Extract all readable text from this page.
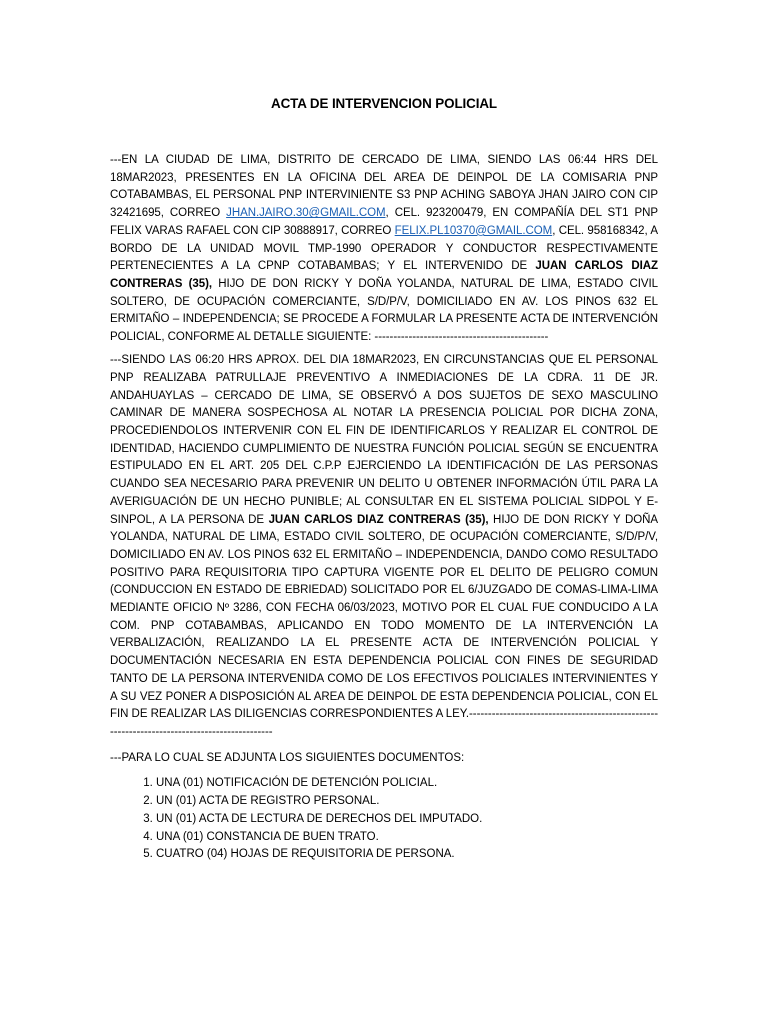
ACTA DE INTERVENCION POLICIAL

---EN LA CIUDAD DE LIMA, DISTRITO DE CERCADO DE LIMA, SIENDO LAS 06:44 HRS DEL 18MAR2023, PRESENTES EN LA OFICINA DEL AREA DE DEINPOL DE LA COMISARIA PNP COTABAMBAS, EL PERSONAL PNP INTERVINIENTE S3 PNP ACHING SABOYA JHAN JAIRO CON CIP 32421695, CORREO JHAN.JAIRO.30@GMAIL.COM, CEL. 923200479, EN COMPAÑÍA DEL ST1 PNP FELIX VARAS RAFAEL CON CIP 30888917, CORREO FELIX.PL10370@GMAIL.COM, CEL. 958168342, A BORDO DE LA UNIDAD MOVIL TMP-1990 OPERADOR Y CONDUCTOR RESPECTIVAMENTE PERTENECIENTES A LA CPNP COTABAMBAS; Y EL INTERVENIDO DE JUAN CARLOS DIAZ CONTRERAS (35), HIJO DE DON RICKY Y DOÑA YOLANDA, NATURAL DE LIMA, ESTADO CIVIL SOLTERO, DE OCUPACIÓN COMERCIANTE, S/D/P/V, DOMICILIADO EN AV. LOS PINOS 632 EL ERMITAÑO – INDEPENDENCIA; SE PROCEDE A FORMULAR LA PRESENTE ACTA DE INTERVENCIÓN POLICIAL, CONFORME AL DETALLE SIGUIENTE: ----------------------------------------------

---SIENDO LAS 06:20 HRS APROX. DEL DIA 18MAR2023, EN CIRCUNSTANCIAS QUE EL PERSONAL PNP REALIZABA PATRULLAJE PREVENTIVO A INMEDIACIONES DE LA CDRA. 11 DE JR. ANDAHUAYLAS – CERCADO DE LIMA, SE OBSERVÓ A DOS SUJETOS DE SEXO MASCULINO CAMINAR DE MANERA SOSPECHOSA AL NOTAR LA PRESENCIA POLICIAL POR DICHA ZONA, PROCEDIENDOLOS INTERVENIR CON EL FIN DE IDENTIFICARLOS Y REALIZAR EL CONTROL DE IDENTIDAD, HACIENDO CUMPLIMIENTO DE NUESTRA FUNCIÓN POLICIAL SEGÚN SE ENCUENTRA ESTIPULADO EN EL ART. 205 DEL C.P.P EJERCIENDO LA IDENTIFICACIÓN DE LAS PERSONAS CUANDO SEA NECESARIO PARA PREVENIR UN DELITO U OBTENER INFORMACIÓN ÚTIL PARA LA AVERIGUACIÓN DE UN HECHO PUNIBLE; AL CONSULTAR EN EL SISTEMA POLICIAL SIDPOL Y E-SINPOL, A LA PERSONA DE JUAN CARLOS DIAZ CONTRERAS (35), HIJO DE DON RICKY Y DOÑA YOLANDA, NATURAL DE LIMA, ESTADO CIVIL SOLTERO, DE OCUPACIÓN COMERCIANTE, S/D/P/V, DOMICILIADO EN AV. LOS PINOS 632 EL ERMITAÑO – INDEPENDENCIA, DANDO COMO RESULTADO POSITIVO PARA REQUISITORIA TIPO CAPTURA VIGENTE POR EL DELITO DE PELIGRO COMUN (CONDUCCION EN ESTADO DE EBRIEDAD) SOLICITADO POR EL 6/JUZGADO DE COMAS-LIMA-LIMA MEDIANTE OFICIO Nº 3286, CON FECHA 06/03/2023, MOTIVO POR EL CUAL FUE CONDUCIDO A LA COM. PNP COTABAMBAS, APLICANDO EN TODO MOMENTO DE LA INTERVENCIÓN LA VERBALIZACIÓN, REALIZANDO LA EL PRESENTE ACTA DE INTERVENCIÓN POLICIAL Y DOCUMENTACIÓN NECESARIA EN ESTA DEPENDENCIA POLICIAL CON FINES DE SEGURIDAD TANTO DE LA PERSONA INTERVENIDA COMO DE LOS EFECTIVOS POLICIALES INTERVINIENTES Y A SU VEZ PONER A DISPOSICIÓN AL AREA DE DEINPOL DE ESTA DEPENDENCIA POLICIAL, CON EL FIN DE REALIZAR LAS DILIGENCIAS CORRESPONDIENTES A LEY.---------------------------------------------------------------------------------------------

---PARA LO CUAL SE ADJUNTA LOS SIGUIENTES DOCUMENTOS:

1. UNA (01) NOTIFICACIÓN DE DETENCIÓN POLICIAL.
2. UN (01) ACTA DE REGISTRO PERSONAL.
3. UN (01) ACTA DE LECTURA DE DERECHOS DEL IMPUTADO.
4. UNA (01) CONSTANCIA DE BUEN TRATO.
5. CUATRO (04) HOJAS DE REQUISITORIA DE PERSONA.
